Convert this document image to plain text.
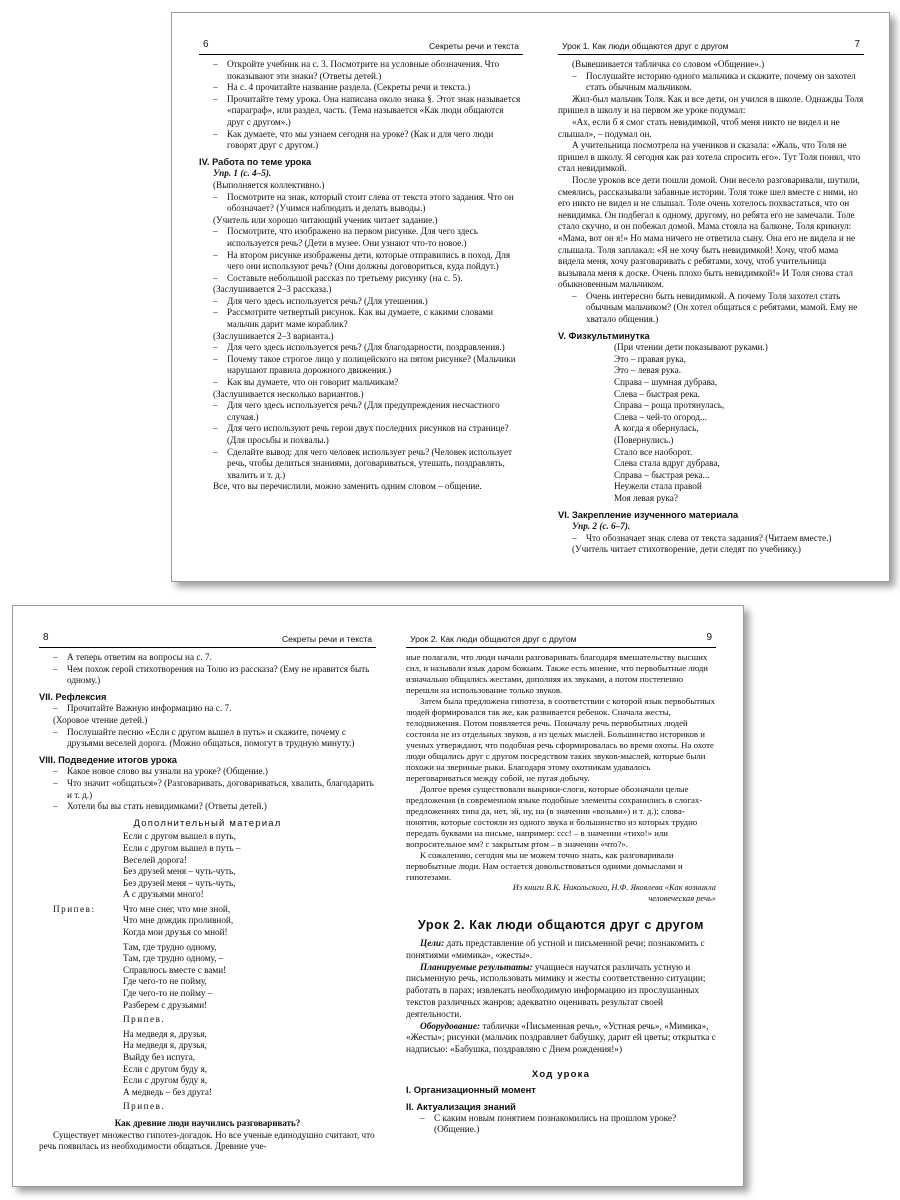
6	Секреты речи и текста

– Откройте учебник на с. 3. Посмотрите на условные обозначения. Что показывают эти знаки? (Ответы детей.)

– На с. 4 прочитайте название раздела. (Секреты речи и текста.)

– Прочитайте тему урока. Она написана около знака §. Этот знак называется «параграф», или раздел, часть. (Тема называется «Как люди общаются друг с другом».)

– Как думаете, что мы узнаем сегодня на уроке? (Как и для чего люди говорят друг с другом.)

IV. Работа по теме урока

Упр. 1 (с. 4–5).

(Выполняется коллективно.)

– Посмотрите на знак, который стоит слева от текста этого задания. Что он обозначает? (Учимся наблюдать и делать выводы.)

(Учитель или хорошо читающий ученик читает задание.)

– Посмотрите, что изображено на первом рисунке. Для чего здесь используется речь? (Дети в музее. Они узнают что-то новое.)

– На втором рисунке изображены дети, которые отправились в поход. Для чего они используют речь? (Они должны договориться, куда пойдут.)

– Составьте небольшой рассказ по третьему рисунку (на с. 5).

(Заслушивается 2–3 рассказа.)

– Для чего здесь используется речь? (Для утешения.)

– Рассмотрите четвертый рисунок. Как вы думаете, с какими словами мальчик дарит маме кораблик?

(Заслушивается 2–3 варианта.)

– Для чего здесь используется речь? (Для благодарности, поздравления.)

– Почему такое строгое лицо у полицейского на пятом рисунке? (Мальчики нарушают правила дорожного движения.)

– Как вы думаете, что он говорит мальчикам?

(Заслушивается несколько вариантов.)

– Для чего здесь используется речь? (Для предупреждения несчастного случая.)

– Для чего используют речь герои двух последних рисунков на странице? (Для просьбы и похвалы.)

– Сделайте вывод: для чего человек использует речь? (Человек использует речь, чтобы делиться знаниями, договариваться, утешать, поздравлять, хвалить и т. д.)

Все, что вы перечислили, можно заменить одним словом – общение.

Урок 1. Как люди общаются друг с другом	7

(Вывешивается табличка со словом «Общение».)

– Послушайте историю одного мальчика и скажите, почему он захотел стать обычным мальчиком.

Жил-был мальчик Толя. Как и все дети, он учился в школе. Однажды Толя пришел в школу и на первом же уроке подумал:

«Ах, если б я смог стать невидимкой, чтоб меня никто не видел и не слышал», – подумал он.

А учительница посмотрела на учеников и сказала: «Жаль, что Толя не пришел в школу. Я сегодня как раз хотела спросить его». Тут Толя понял, что стал невидимкой.

После уроков все дети пошли домой. Они весело разговаривали, шутили, смеялись, рассказывали забавные истории. Толя тоже шел вместе с ними, но его никто не видел и не слышал. Толе очень хотелось похвастаться, что он невидимка. Он подбегал к одному, другому, но ребята его не замечали. Толе стало скучно, и он побежал домой. Мама стояла на балконе. Толя крикнул: «Мама, вот он я!» Но мама ничего не ответила сыну. Она его не видела и не слышала. Толя заплакал: «Я не хочу быть невидимкой! Хочу, чтоб мама видела меня, хочу разговаривать с ребятами, хочу, чтоб учительница вызывала меня к доске. Очень плохо быть невидимкой!» И Толя снова стал обыкновенным мальчиком.

– Очень интересно быть невидимкой. А почему Толя захотел стать обычным мальчиком? (Он хотел общаться с ребятами, мамой. Ему не хватало общения.)

V. Физкультминутка

(При чтении дети показывают руками.)

Это – правая рука,

Это – левая рука.

Справа – шумная дубрава,

Слева – быстрая река.

Справа – роща протянулась,

Слева – чей-то огород...

А когда я обернулась,

(Повернулись.)

Стало все наоборот.

Слева стала вдруг дубрава,

Справа – быстрая река...

Неужели стала правой

Моя левая рука?

VI. Закрепление изученного материала

Упр. 2 (с. 6–7).

– Что обозначает знак слева от текста задания? (Читаем вместе.)

(Учитель читает стихотворение, дети следят по учебнику.)

8	Секреты речи и текста

– А теперь ответим на вопросы на с. 7.

– Чем похож герой стихотворения на Толю из рассказа? (Ему не нравится быть одному.)

VII. Рефлексия

– Прочитайте Важную информацию на с. 7.

(Хоровое чтение детей.)

– Послушайте песню «Если с другом вышел в путь» и скажите, почему с друзьями веселей дорога. (Можно общаться, помогут в трудную минуту.)

VIII. Подведение итогов урока

– Какое новое слово вы узнали на уроке? (Общение.)

– Что значит «общаться»? (Разговаривать, договариваться, хвалить, благодарить и т. д.)

– Хотели бы вы стать невидимками? (Ответы детей.)

Дополнительный материал

Если с другом вышел в путь,

Если с другом вышел в путь –

Веселей дорога!

Без друзей меня – чуть-чуть,

Без друзей меня – чуть-чуть,

А с друзьями много!

Припев:	Что мне снег, что мне зной,

Что мне дождик проливной,

Когда мои друзья со мной!

Там, где трудно одному,

Там, где трудно одному, –

Справлюсь вместе с вами!

Где чего-то не пойму,

Где чего-то не пойму –

Разберем с друзьями!

Припев.

На медведя я, друзья,

На медведя я, друзья,

Выйду без испуга,

Если с другом буду я,

Если с другом буду я,

А медведь – без друга!

Припев.

Как древние люди научились разговаривать?

Существует множество гипотез-догадок. Но все ученые единодушно считают, что речь появилась из необходимости общаться. Древние уче-

Урок 2. Как люди общаются друг с другом	9

ные полагали, что люди начали разговаривать благодаря вмешательству высших сил, и называли язык даром божьим. Также есть мнение, что первобытные люди изначально общались жестами, дополняя их звуками, а потом постепенно перешли на использование только звуков.

Затем была предложена гипотеза, в соответствии с которой язык первобытных людей формировался так же, как развивается ребенок. Сначала жесты, телодвижения. Потом появляется речь. Поначалу речь первобытных людей состояла не из отдельных звуков, а из целых мыслей. Большинство историков и ученых утверждают, что подобная речь сформировалась во время охоты. На охоте люди общались друг с другом посредством таких звуков-мыслей, которые были похожи на звериные рыки. Благодаря этому охотникам удавалось переговариваться между собой, не пугая добычу.

Долгое время существовали выкрики-слоги, которые обозначали целые предложения (в современном языке подобные элементы сохранились в слогах-предложениях типа да, нет, эй, ну, на (в значении «возьми») и т. д.); слова-понятия, которые состояли из одного звука и большинство из которых трудно передать буквами на письме, например: ссс! – в значении «тихо!» или вопросительное мм? с закрытым ртом – в значении «что?».

К сожалению, сегодня мы не можем точно знать, как разговаривали первобытные люди. Нам остается довольствоваться одними домыслами и гипотезами.

Из книги В.К. Никольского, Н.Ф. Яковлева «Как возникла человеческая речь»

Урок 2. Как люди общаются друг с другом

Цели: дать представление об устной и письменной речи; познакомить с понятиями «мимика», «жесты».

Планируемые результаты: учащиеся научатся различать устную и письменную речь, использовать мимику и жесты соответственно ситуации; работать в парах; извлекать необходимую информацию из прослушанных текстов различных жанров; адекватно оценивать результат своей деятельности.

Оборудование: таблички «Письменная речь», «Устная речь», «Мимика», «Жесты»; рисунки (мальчик поздравляет бабушку, дарит ей цветы; открытка с надписью: «Бабушка, поздравляю с Днем рождения!»)

Ход урока

I. Организационный момент

II. Актуализация знаний

– С каким новым понятием познакомились на прошлом уроке? (Общение.)
